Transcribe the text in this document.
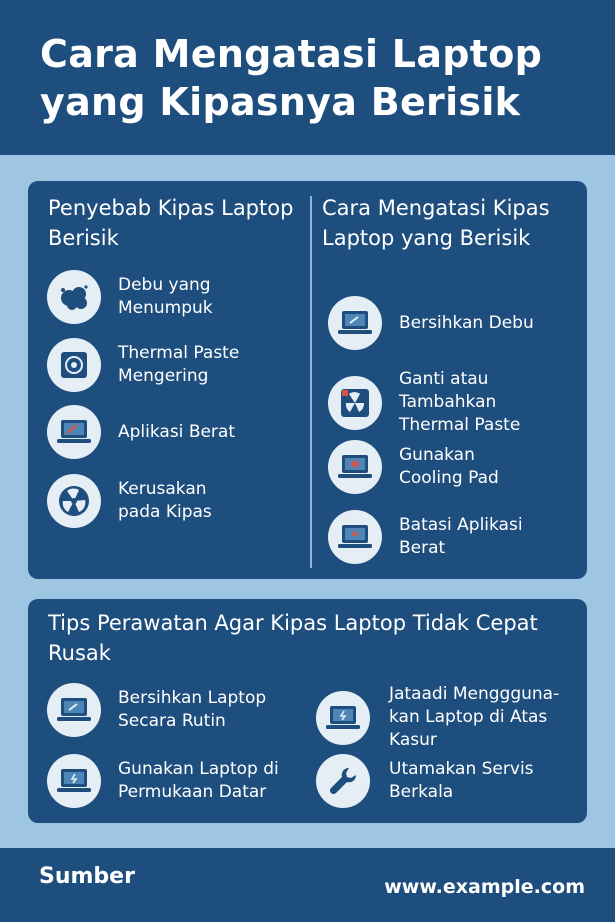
Cara Mengatasi Laptop yang Kipasnya Berisik
Penyebab Kipas Laptop Berisik
Debu yang
Menumpuk
Thermal Paste
Mengering
Aplikasi Berat
Kerusakan
pada Kipas
Cara Mengatasi Kipas Laptop yang Berisik
Bersihkan Debu
Ganti atau
Tambahkan
Thermal Paste
Gunakan
Cooling Pad
Batasi Aplikasi
Berat
Tips Perawatan Agar Kipas Laptop Tidak Cepat Rusak
Bersihkan Laptop
Secara Rutin
Jataadi Menggguna-
kan Laptop di Atas
Kasur
Gunakan Laptop di
Permukaan Datar
Utamakan Servis
Berkala
Sumber	www.example.com
